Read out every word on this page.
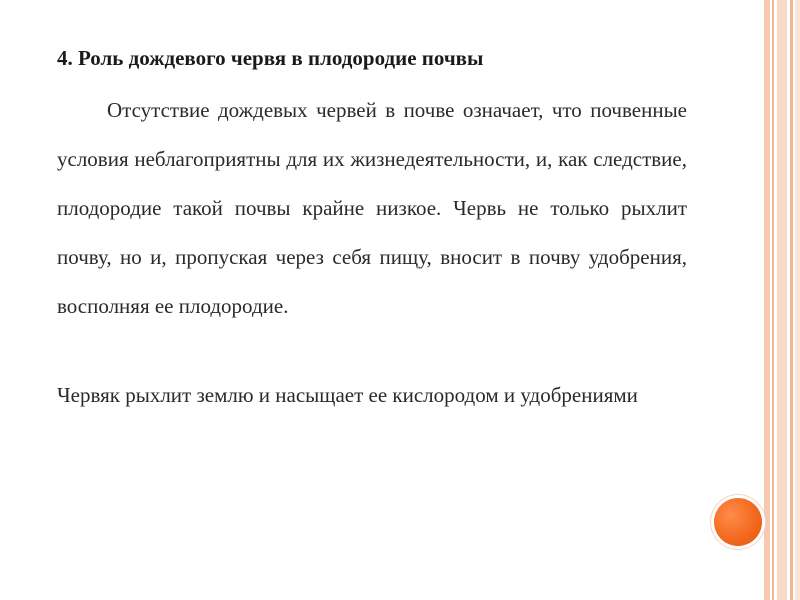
4. Роль дождевого червя в плодородие почвы
Отсутствие дождевых червей в почве означает, что почвенные условия неблагоприятны для их жизнедеятельности, и, как следствие, плодородие такой почвы крайне низкое. Червь не только рыхлит почву, но и, пропуская через себя пищу, вносит в почву удобрения, восполняя ее плодородие.
Червяк рыхлит землю и насыщает ее кислородом и удобрениями
